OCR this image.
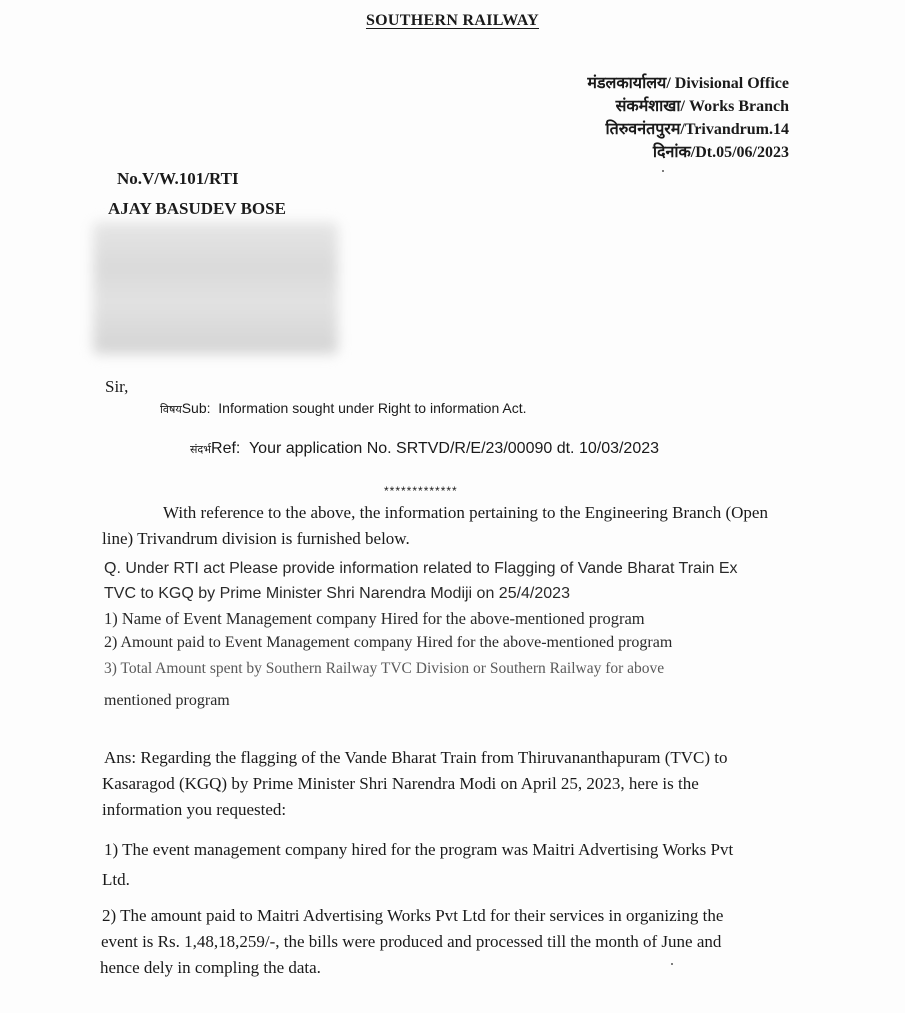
SOUTHERN RAILWAY
मंडलकार्यालय/ Divisional Office
संकर्मशाखा/ Works Branch
तिरुवनंतपुरम/Trivandrum.14
दिनांक/Dt.05/06/2023
No.V/W.101/RTI
AJAY BASUDEV BOSE
Sir,
विषयSub: Information sought under Right to information Act.
संदर्भRef: Your application No. SRTVD/R/E/23/00090 dt. 10/03/2023
*************
With reference to the above, the information pertaining to the Engineering Branch (Open
line) Trivandrum division is furnished below.
Q. Under RTI act Please provide information related to Flagging of Vande Bharat Train Ex
TVC to KGQ by Prime Minister Shri Narendra Modiji on 25/4/2023
1) Name of Event Management company Hired for the above-mentioned program
2) Amount paid to Event Management company Hired for the above-mentioned program
3) Total Amount spent by Southern Railway TVC Division or Southern Railway for above
mentioned program
Ans: Regarding the flagging of the Vande Bharat Train from Thiruvananthapuram (TVC) to
Kasaragod (KGQ) by Prime Minister Shri Narendra Modi on April 25, 2023, here is the
information you requested:
1) The event management company hired for the program was Maitri Advertising Works Pvt
Ltd.
2) The amount paid to Maitri Advertising Works Pvt Ltd for their services in organizing the
event is Rs. 1,48,18,259/-, the bills were produced and processed till the month of June and
hence dely in compling the data.
